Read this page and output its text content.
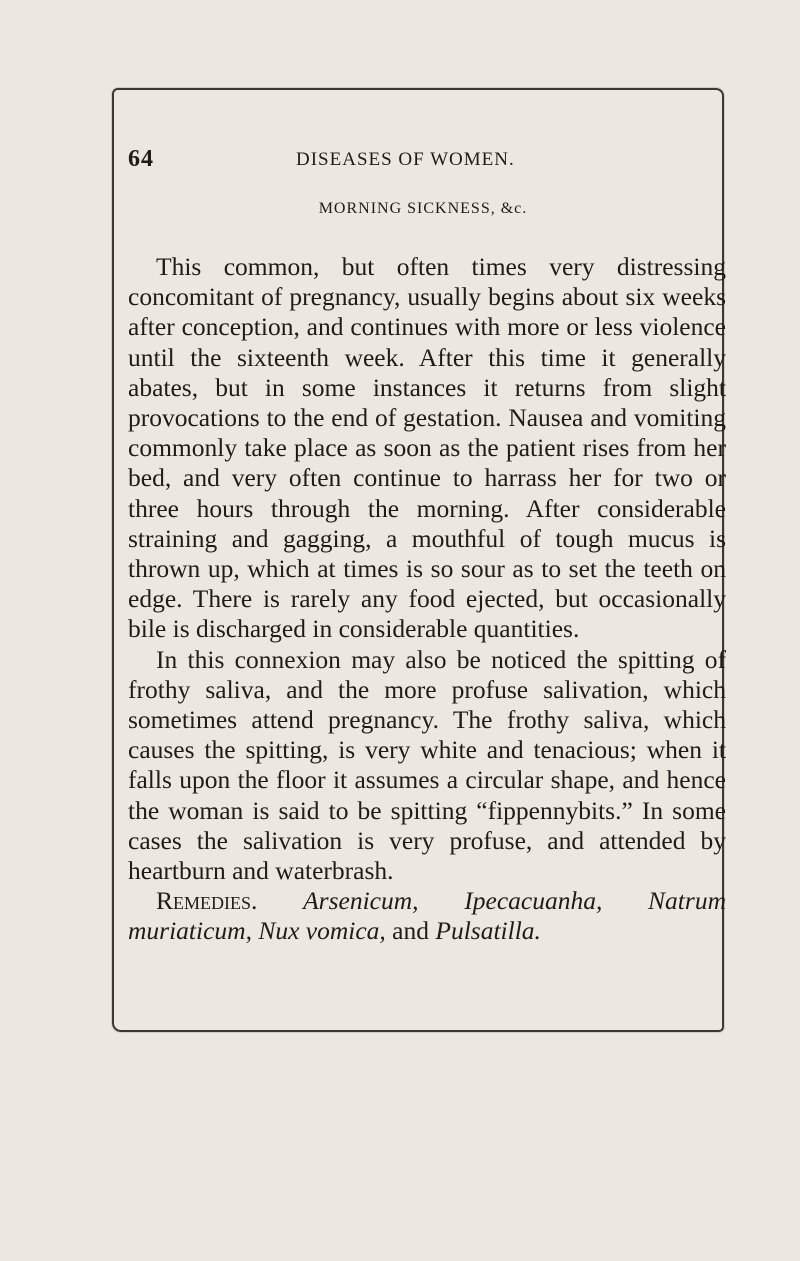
64	DISEASES OF WOMEN.
MORNING SICKNESS, &c.

This common, but often times very distressing concomitant of pregnancy, usually begins about six weeks after conception, and continues with more or less violence until the sixteenth week. After this time it generally abates, but in some instances it returns from slight provocations to the end of gestation. Nausea and vomiting commonly take place as soon as the patient rises from her bed, and very often continue to harrass her for two or three hours through the morning. After considerable straining and gagging, a mouthful of tough mucus is thrown up, which at times is so sour as to set the teeth on edge. There is rarely any food ejected, but occasionally bile is discharged in considerable quantities.

In this connexion may also be noticed the spitting of frothy saliva, and the more profuse salivation, which sometimes attend pregnancy. The frothy saliva, which causes the spitting, is very white and tenacious; when it falls upon the floor it assumes a circular shape, and hence the woman is said to be spitting “fippennybits.” In some cases the salivation is very profuse, and attended by heartburn and waterbrash.

Remedies. Arsenicum, Ipecacuanha, Natrum muriaticum, Nux vomica, and Pulsatilla.
